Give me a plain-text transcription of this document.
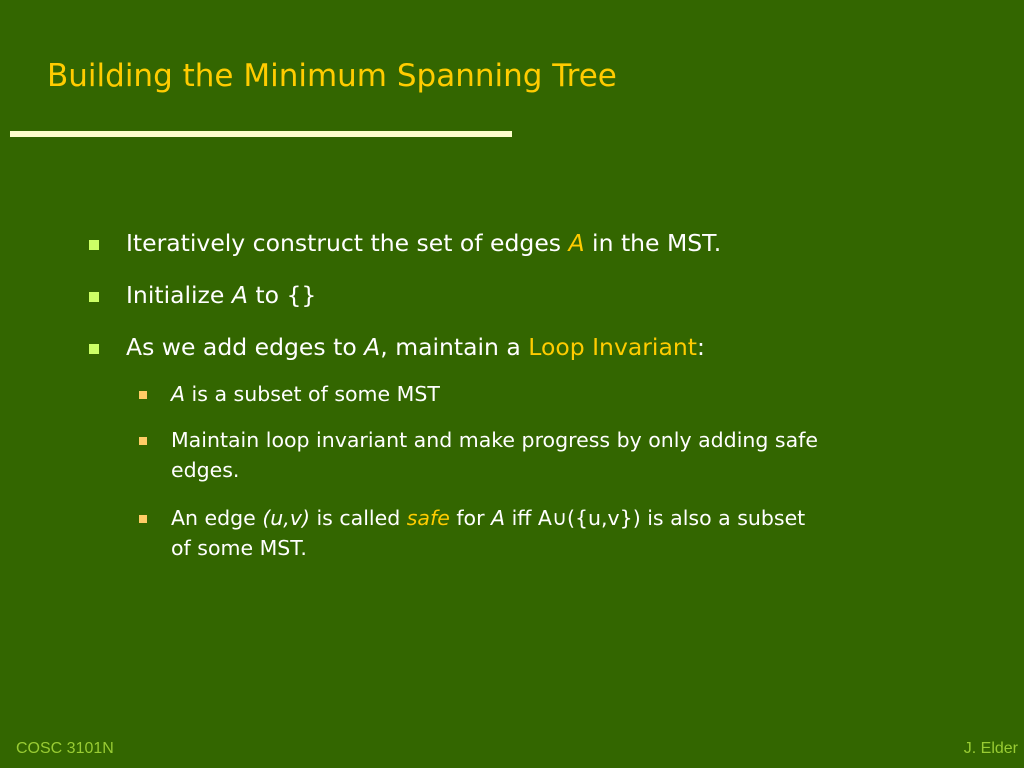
Building the Minimum Spanning Tree
Iteratively construct the set of edges A in the MST.
Initialize A to {}
As we add edges to A, maintain a Loop Invariant:
A is a subset of some MST
Maintain loop invariant and make progress by only adding safe
edges.
An edge (u,v) is called safe for A iff A∪({u,v}) is also a subset
of some MST.
COSC 3101N	J. Elder
